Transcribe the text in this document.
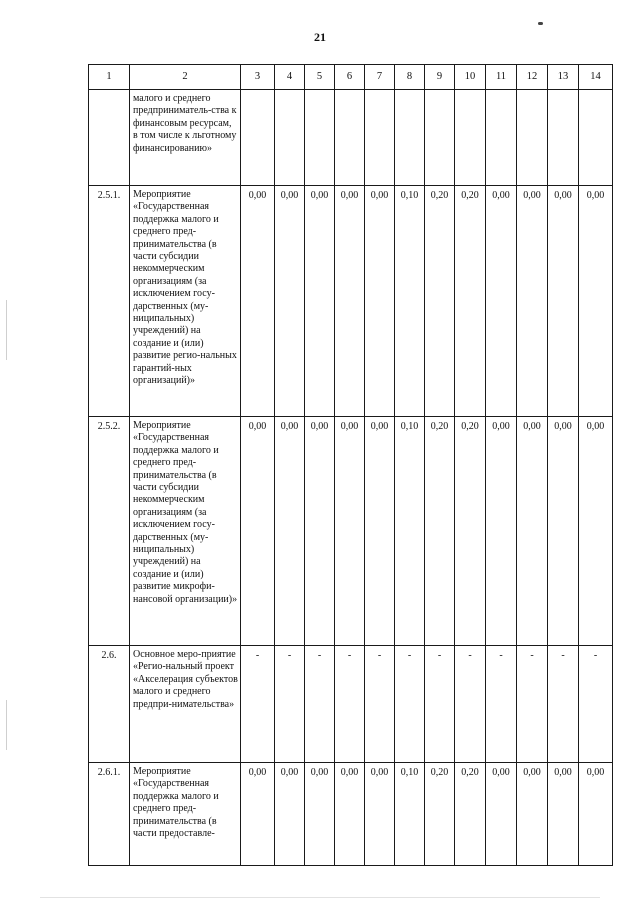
21
1	2	3	4	5	6	7	8	9	10	11	12	13	14
	малого и среднего предприниматель-ства к финансовым ресурсам, в том числе к льготному финансированию»												
2.5.1.	Мероприятие «Государственная поддержка малого и среднего пред-принимательства (в части субсидии некоммерческим организациям (за исключением госу-дарственных (му-ниципальных) учреждений) на создание и (или) развитие регио-нальных гарантий-ных организаций)»	0,00	0,00	0,00	0,00	0,00	0,10	0,20	0,20	0,00	0,00	0,00	0,00
2.5.2.	Мероприятие «Государственная поддержка малого и среднего пред-принимательства (в части субсидии некоммерческим организациям (за исключением госу-дарственных (му-ниципальных) учреждений) на создание и (или) развитие микрофи-нансовой организации)»	0,00	0,00	0,00	0,00	0,00	0,10	0,20	0,20	0,00	0,00	0,00	0,00
2.6.	Основное меро-приятие «Регио-нальный проект «Акселерация субъектов малого и среднего предпри-нимательства»	-	-	-	-	-	-	-	-	-	-	-	-
2.6.1.	Мероприятие «Государственная поддержка малого и среднего пред-принимательства (в части предоставле-	0,00	0,00	0,00	0,00	0,00	0,10	0,20	0,20	0,00	0,00	0,00	0,00
